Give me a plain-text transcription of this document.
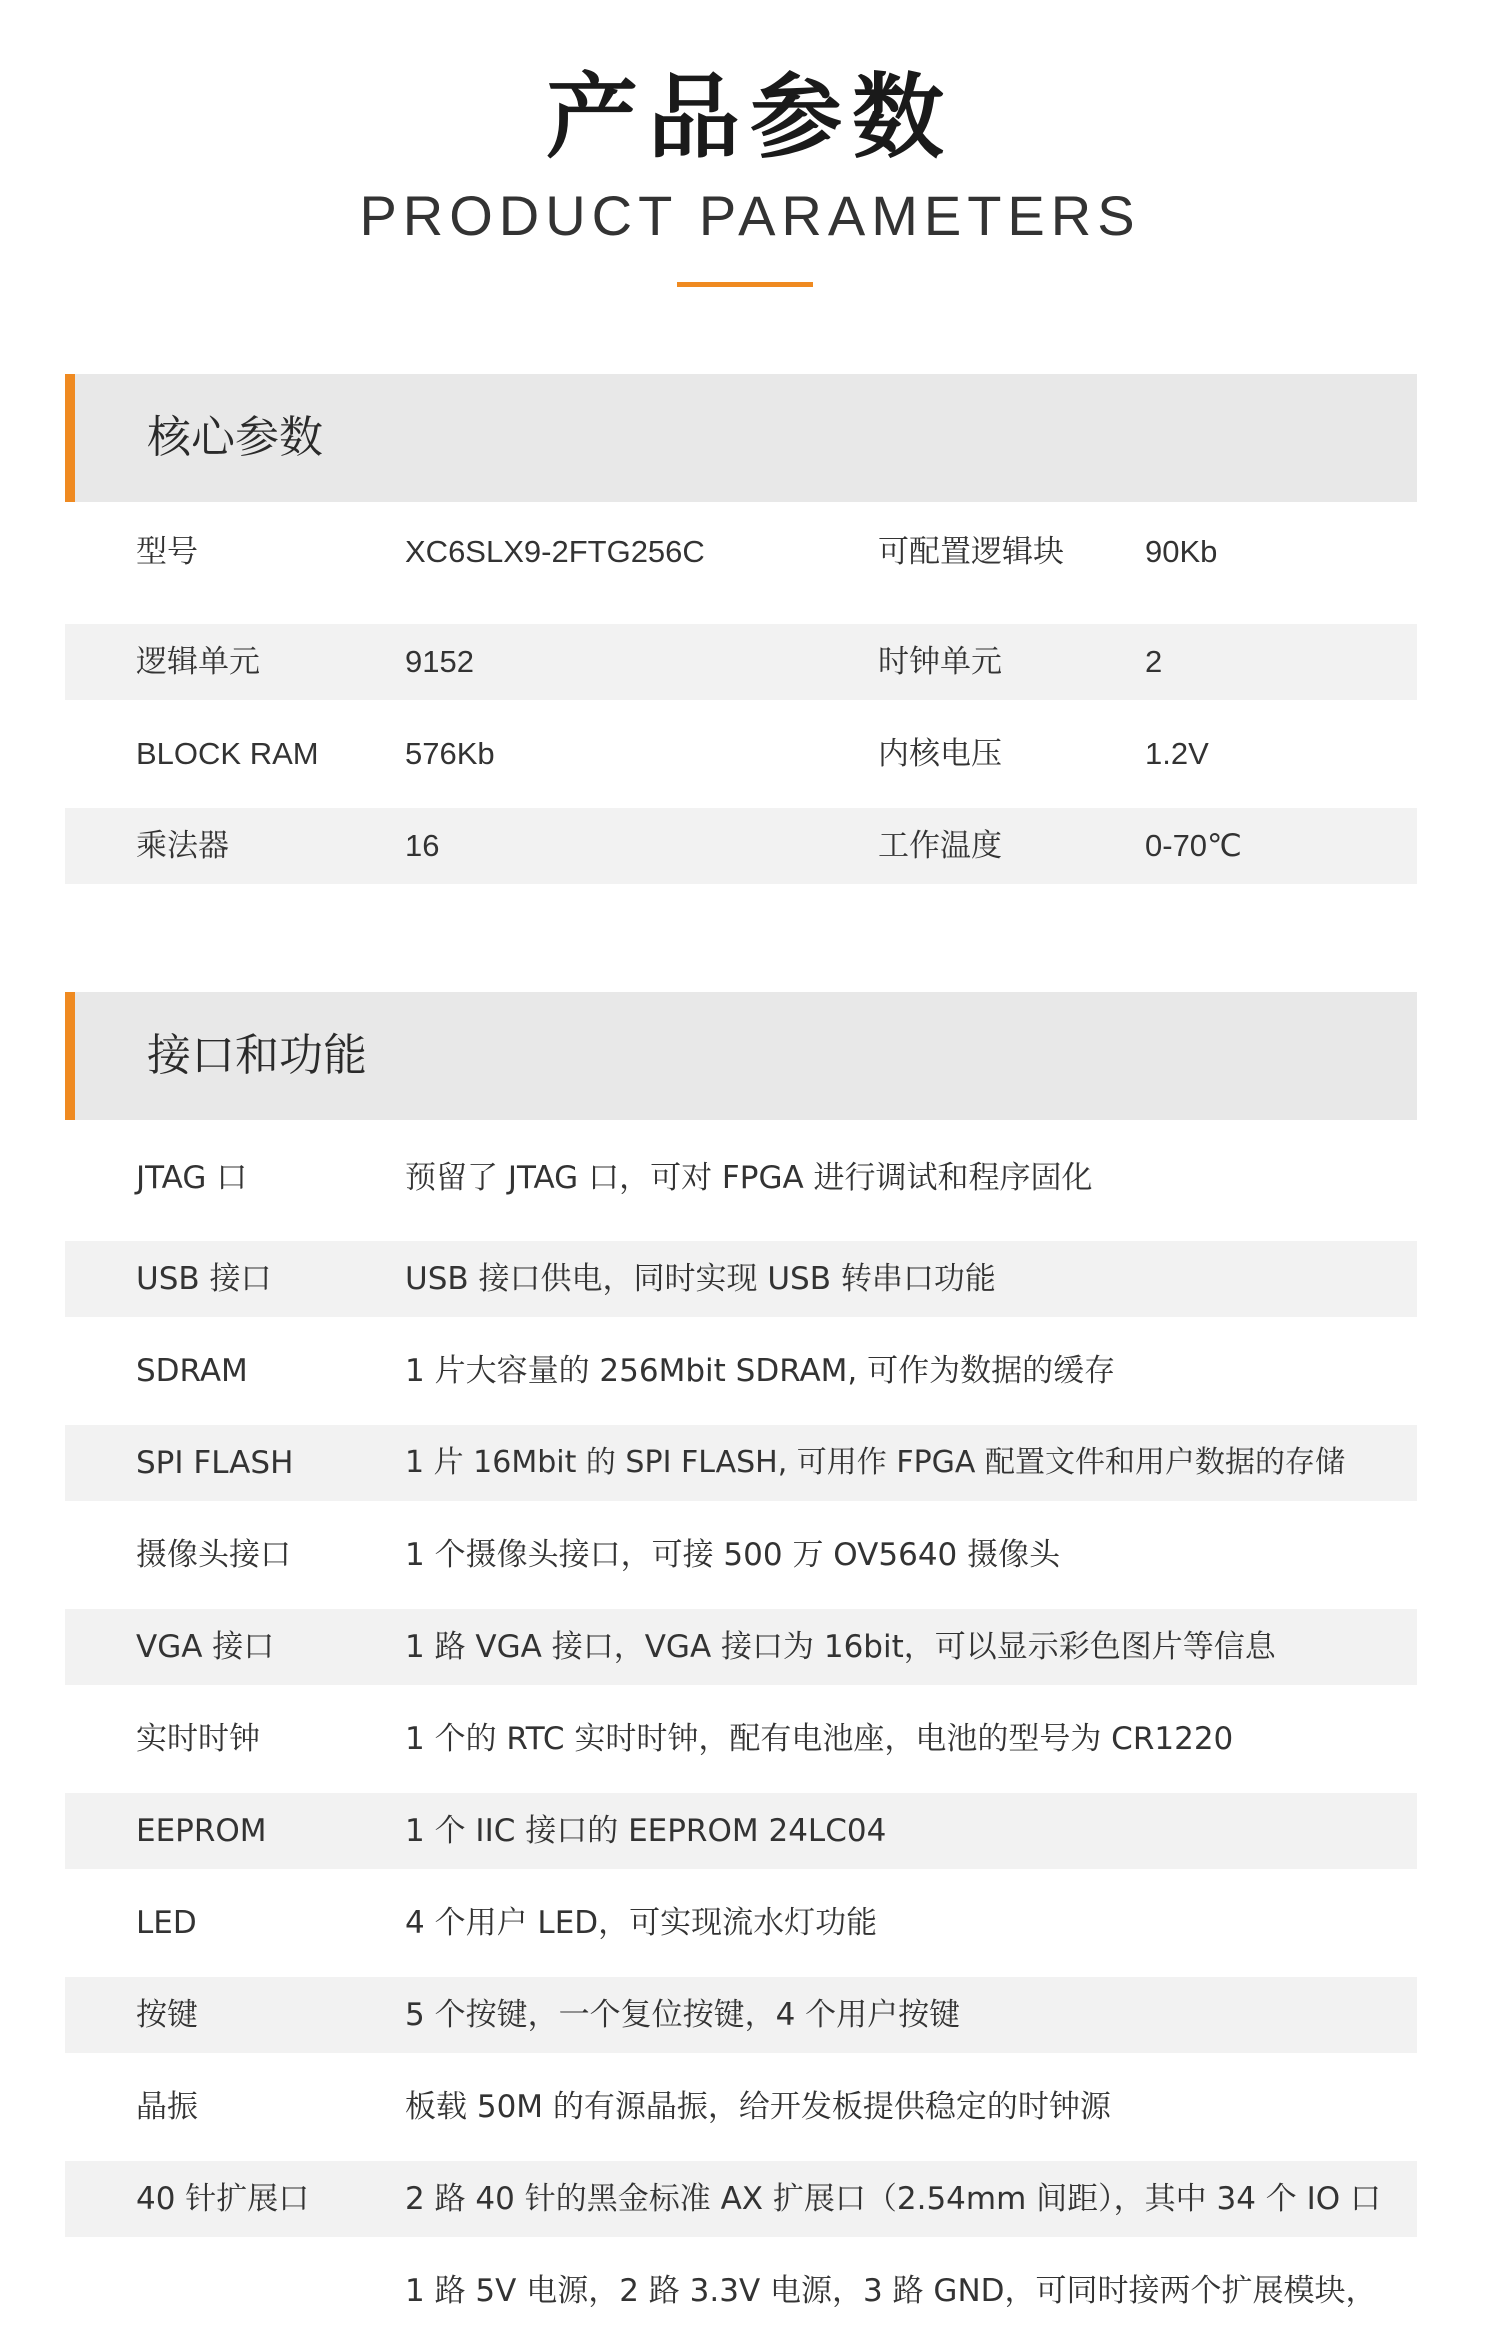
产品参数
PRODUCT PARAMETERS
核心参数
型号	XC6SLX9-2FTG256C	可配置逻辑块	90Kb
逻辑单元	9152	时钟单元	2
BLOCK RAM	576Kb	内核电压	1.2V
乘法器	16	工作温度	0-70℃
接口和功能
JTAG 口	预留了 JTAG 口，可对 FPGA 进行调试和程序固化
USB 接口	USB 接口供电，同时实现 USB 转串口功能
SDRAM	1 片大容量的 256Mbit SDRAM, 可作为数据的缓存
SPI FLASH	1 片 16Mbit 的 SPI FLASH, 可用作 FPGA 配置文件和用户数据的存储
摄像头接口	1 个摄像头接口，可接 500 万 OV5640 摄像头
VGA 接口	1 路 VGA 接口，VGA 接口为 16bit，可以显示彩色图片等信息
实时时钟	1 个的 RTC 实时时钟，配有电池座，电池的型号为 CR1220
EEPROM	1 个 IIC 接口的 EEPROM 24LC04
LED	4 个用户 LED，可实现流水灯功能
按键	5 个按键，一个复位按键，4 个用户按键
晶振	板载 50M 的有源晶振，给开发板提供稳定的时钟源
40 针扩展口	2 路 40 针的黑金标准 AX 扩展口（2.54mm 间距），其中 34 个 IO 口
1 路 5V 电源，2 路 3.3V 电源，3 路 GND，可同时接两个扩展模块，
